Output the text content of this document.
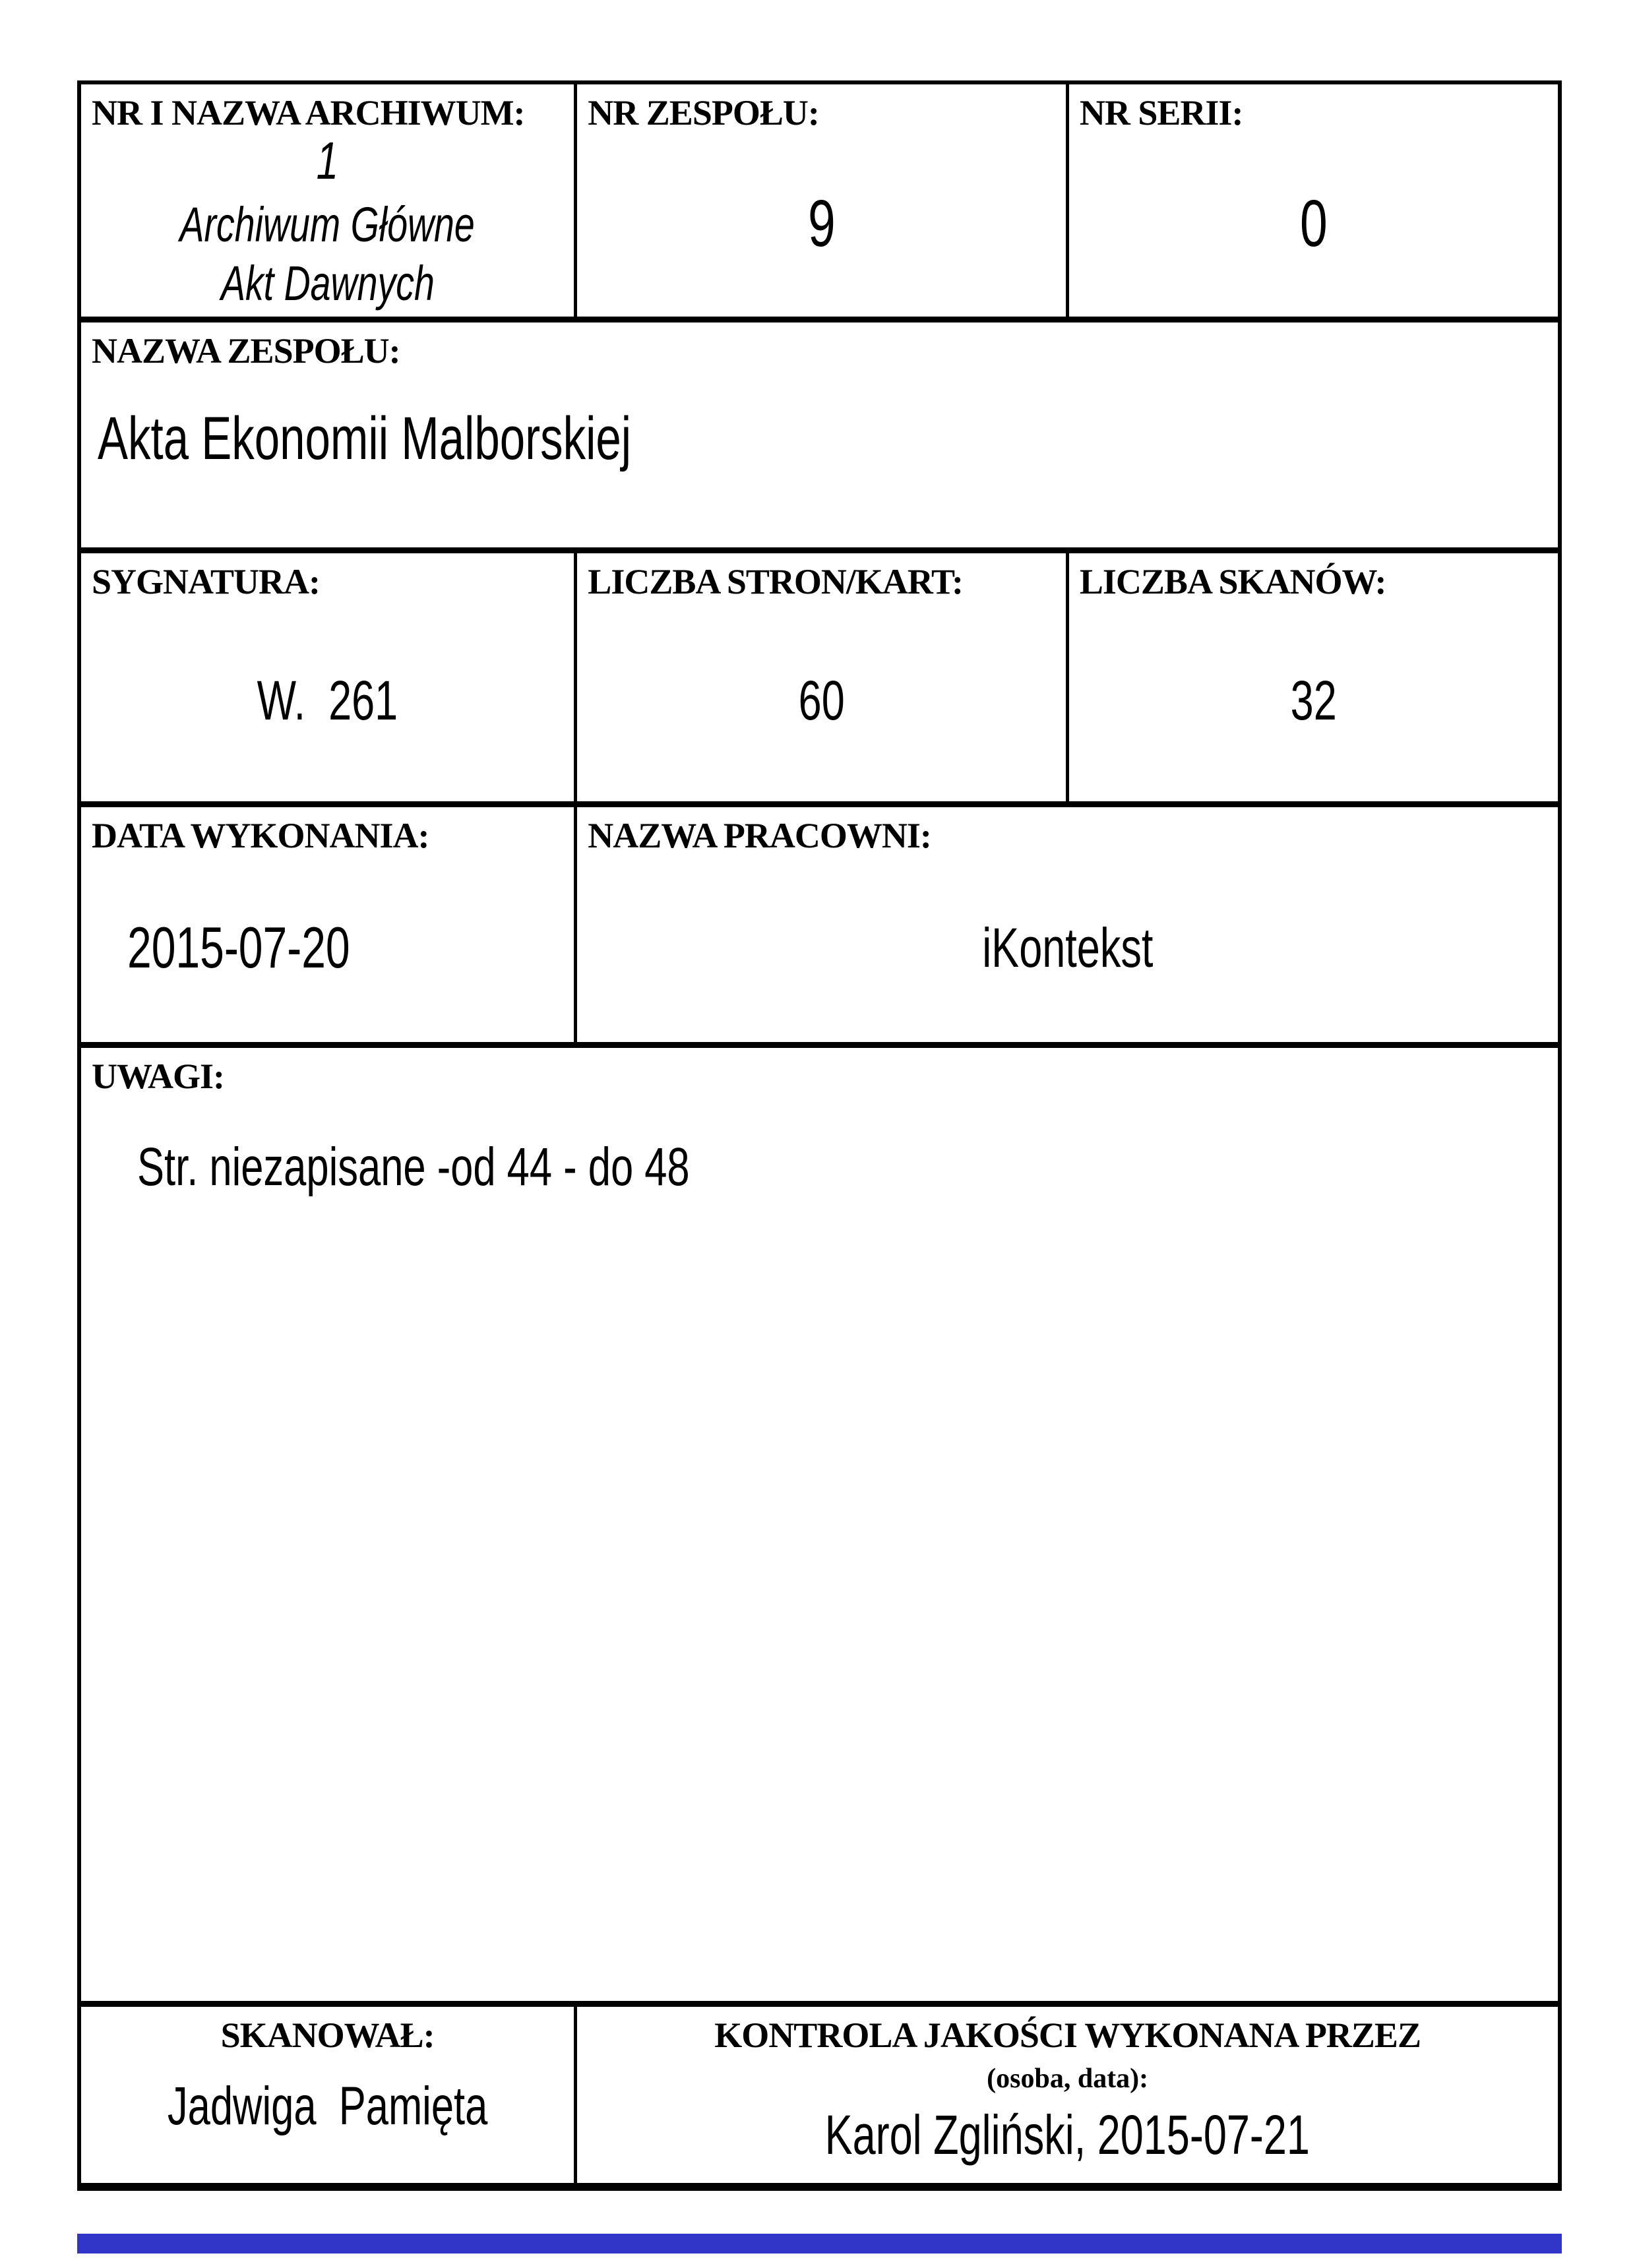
NR I NAZWA ARCHIWUM:
1
Archiwum Główne
Akt Dawnych
NR ZESPOŁU:
9
NR SERII:
0
NAZWA ZESPOŁU:
Akta Ekonomii Malborskiej
SYGNATURA:
W.  261
LICZBA STRON/KART:
60
LICZBA SKANÓW:
32
DATA WYKONANIA:
2015-07-20
NAZWA PRACOWNI:
iKontekst
UWAGI:
Str. niezapisane -od 44 - do 48
SKANOWAŁ:
Jadwiga  Pamięta
KONTROLA JAKOŚCI WYKONANA PRZEZ
(osoba, data):
Karol Zgliński, 2015-07-21
